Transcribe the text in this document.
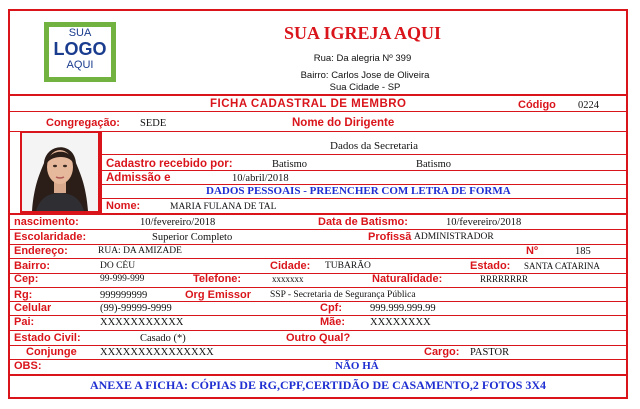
SUA
LOGO
AQUI
SUA IGREJA AQUI
Rua: Da alegria Nº 399
Bairro: Carlos Jose de Oliveira
Sua Cidade - SP
FICHA CADASTRAL DE MEMBRO	Código 0224
Congregação: SEDE	Nome do Dirigente
Dados da Secretaria
Cadastro recebido por:	Batismo	Batismo
Admissão e	10/abril/2018
DADOS PESSOAIS - PREENCHER COM LETRA DE FORMA
Nome:	MARIA FULANA DE TAL
nascimento:	10/fevereiro/2018	Data de Batismo:	10/fevereiro/2018
Escolaridade:	Superior Completo	Profissã ADMINISTRADOR
Endereço:	RUA: DA AMIZADE	Nº	185
Bairro:	DO CÉU	Cidade: TUBARÃO	Estado: SANTA CATARINA
Cep:	99-999-999	Telefone:	xxxxxxx	Naturalidade:	RRRRRRRR
Rg:	999999999	Org Emissor SSP - Secretaria de Segurança Pública
Celular	(99)-99999-9999	Cpf:	999.999.999.99
Pai:	XXXXXXXXXXX	Mãe: XXXXXXXX
Estado Civil:	Casado (*)	Outro Qual?
Conjunge XXXXXXXXXXXXXXX	Cargo: PASTOR
OBS:	NÃO HÁ
ANEXE A FICHA: CÓPIAS DE RG,CPF,CERTIDÃO DE CASAMENTO,2 FOTOS 3X4
